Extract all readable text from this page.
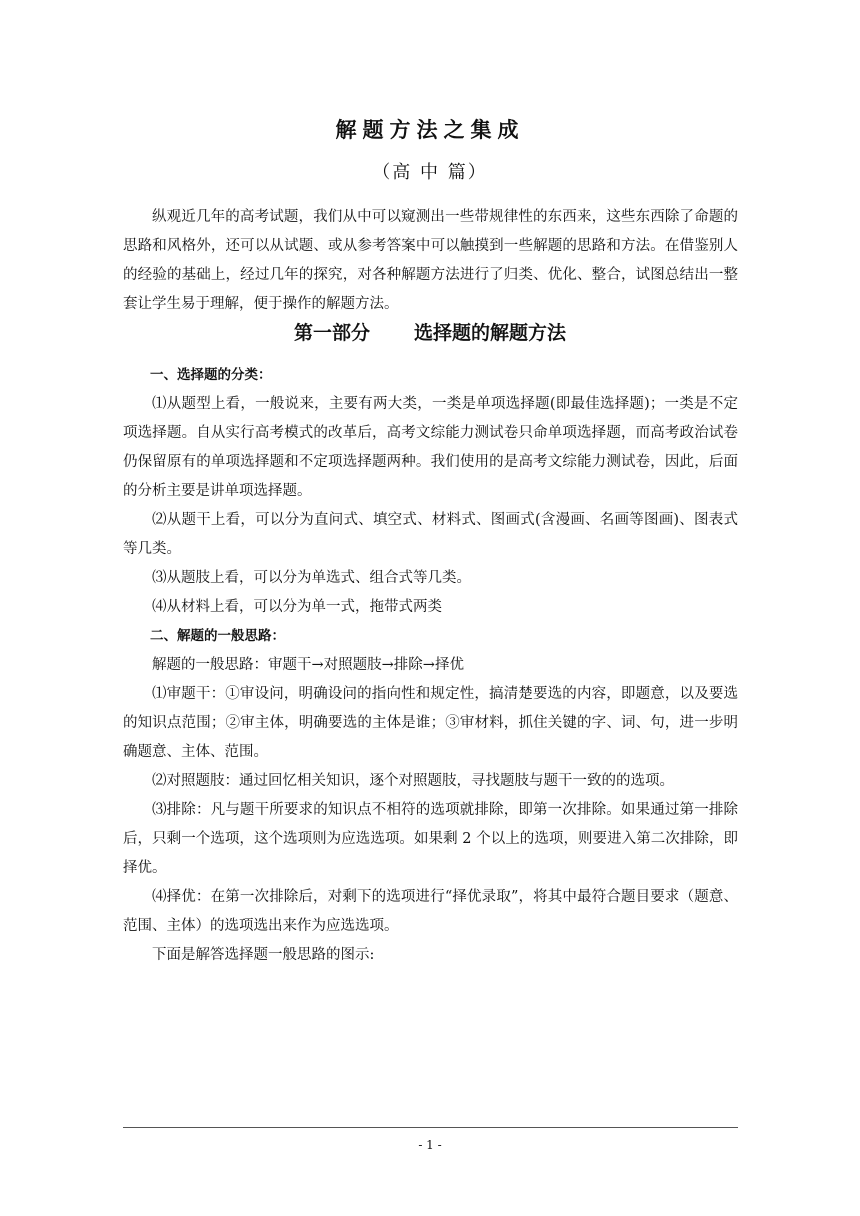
解题方法之集成
（高 中 篇）

纵观近几年的高考试题，我们从中可以窥测出一些带规律性的东西来，这些东西除了命题的思路和风格外，还可以从试题、或从参考答案中可以触摸到一些解题的思路和方法。在借鉴别人的经验的基础上，经过几年的探究，对各种解题方法进行了归类、优化、整合，试图总结出一整套让学生易于理解，便于操作的解题方法。

第一部分 选择题的解题方法

一、选择题的分类：

⑴从题型上看，一般说来，主要有两大类，一类是单项选择题(即最佳选择题)；一类是不定项选择题。自从实行高考模式的改革后，高考文综能力测试卷只命单项选择题，而高考政治试卷仍保留原有的单项选择题和不定项选择题两种。我们使用的是高考文综能力测试卷，因此，后面的分析主要是讲单项选择题。

⑵从题干上看，可以分为直问式、填空式、材料式、图画式(含漫画、名画等图画)、图表式等几类。

⑶从题肢上看，可以分为单选式、组合式等几类。

⑷从材料上看，可以分为单一式，拖带式两类

二、解题的一般思路：

解题的一般思路：审题干→对照题肢→排除→择优

⑴审题干：①审设问，明确设问的指向性和规定性，搞清楚要选的内容，即题意，以及要选的知识点范围；②审主体，明确要选的主体是谁；③审材料，抓住关键的字、词、句，进一步明确题意、主体、范围。

⑵对照题肢：通过回忆相关知识，逐个对照题肢，寻找题肢与题干一致的的选项。

⑶排除：凡与题干所要求的知识点不相符的选项就排除，即第一次排除。如果通过第一排除后，只剩一个选项，这个选项则为应选选项。如果剩 2 个以上的选项，则要进入第二次排除，即择优。

⑷择优：在第一次排除后，对剩下的选项进行“择优录取”，将其中最符合题目要求（题意、范围、主体）的选项选出来作为应选选项。

下面是解答选择题一般思路的图示:

- 1 -
